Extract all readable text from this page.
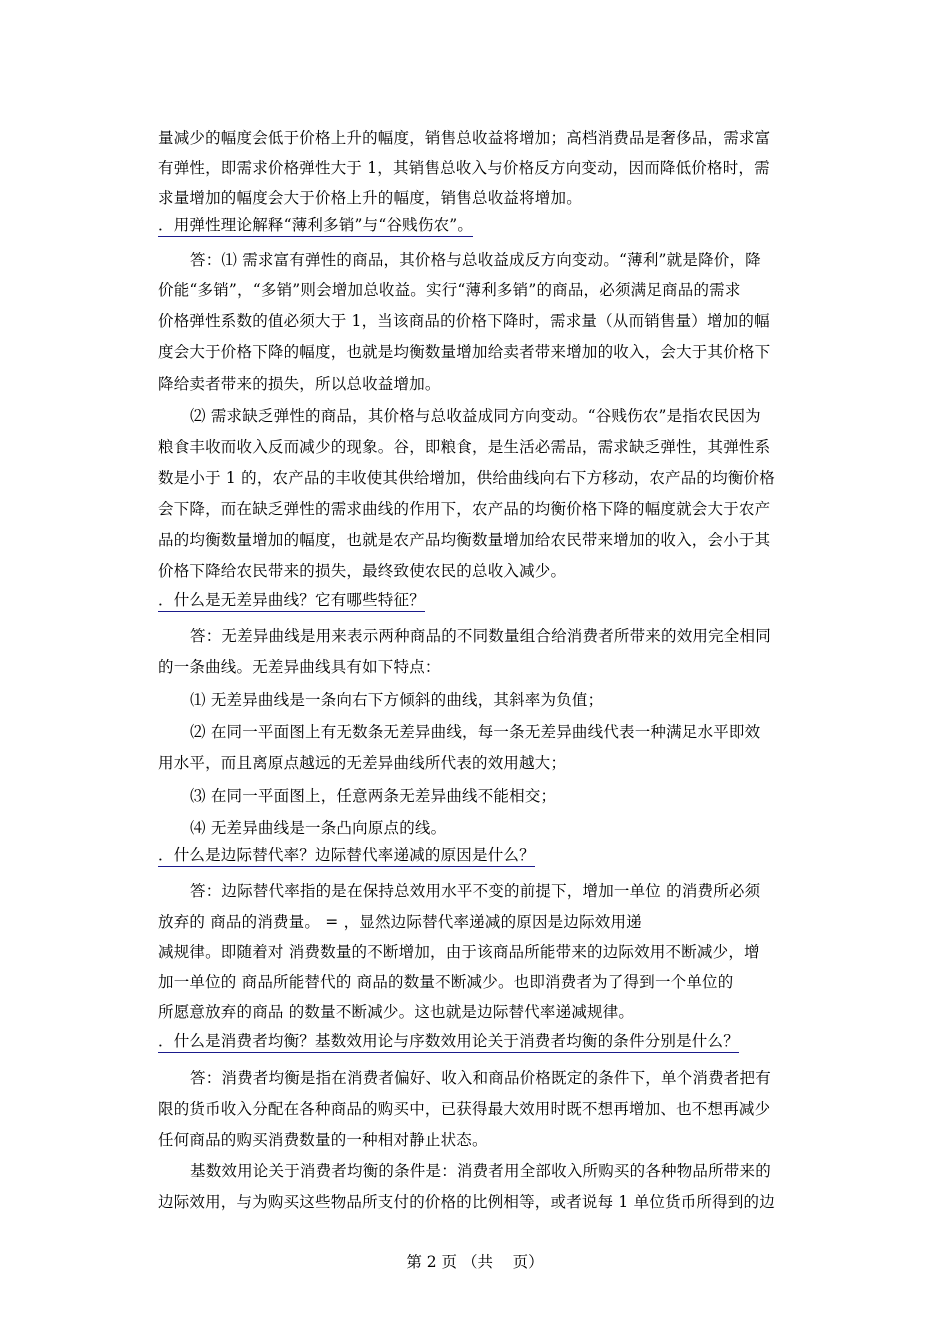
量减少的幅度会低于价格上升的幅度，销售总收益将增加；高档消费品是奢侈品，需求富
有弹性，即需求价格弹性大于 1，其销售总收入与价格反方向变动，因而降低价格时，需
求量增加的幅度会大于价格上升的幅度，销售总收益将增加。
．用弹性理论解释“薄利多销”与“谷贱伤农”。
答：⑴ 需求富有弹性的商品，其价格与总收益成反方向变动。“薄利”就是降价，降
价能“多销”，“多销”则会增加总收益。实行“薄利多销”的商品，必须满足商品的需求
价格弹性系数的值必须大于 1，当该商品的价格下降时，需求量（从而销售量）增加的幅
度会大于价格下降的幅度，也就是均衡数量增加给卖者带来增加的收入，会大于其价格下
降给卖者带来的损失，所以总收益增加。
⑵ 需求缺乏弹性的商品，其价格与总收益成同方向变动。“谷贱伤农”是指农民因为
粮食丰收而收入反而减少的现象。谷，即粮食，是生活必需品，需求缺乏弹性，其弹性系
数是小于 1 的，农产品的丰收使其供给增加，供给曲线向右下方移动，农产品的均衡价格
会下降，而在缺乏弹性的需求曲线的作用下，农产品的均衡价格下降的幅度就会大于农产
品的均衡数量增加的幅度，也就是农产品均衡数量增加给农民带来增加的收入，会小于其
价格下降给农民带来的损失，最终致使农民的总收入减少。
．什么是无差异曲线？它有哪些特征？
答：无差异曲线是用来表示两种商品的不同数量组合给消费者所带来的效用完全相同
的一条曲线。无差异曲线具有如下特点：
⑴ 无差异曲线是一条向右下方倾斜的曲线，其斜率为负值；
⑵ 在同一平面图上有无数条无差异曲线，每一条无差异曲线代表一种满足水平即效
用水平，而且离原点越远的无差异曲线所代表的效用越大；
⑶ 在同一平面图上，任意两条无差异曲线不能相交；
⑷ 无差异曲线是一条凸向原点的线。
．什么是边际替代率？边际替代率递减的原因是什么？
答：边际替代率指的是在保持总效用水平不变的前提下，增加一单位 的消费所必须
放弃的 商品的消费量。 = ，显然边际替代率递减的原因是边际效用递
减规律。即随着对 消费数量的不断增加，由于该商品所能带来的边际效用不断减少，增
加一单位的 商品所能替代的 商品的数量不断减少。也即消费者为了得到一个单位的
所愿意放弃的商品 的数量不断减少。这也就是边际替代率递减规律。
．什么是消费者均衡？基数效用论与序数效用论关于消费者均衡的条件分别是什么？
答：消费者均衡是指在消费者偏好、收入和商品价格既定的条件下，单个消费者把有
限的货币收入分配在各种商品的购买中，已获得最大效用时既不想再增加、也不想再减少
任何商品的购买消费数量的一种相对静止状态。
基数效用论关于消费者均衡的条件是：消费者用全部收入所购买的各种物品所带来的
边际效用，与为购买这些物品所支付的价格的比例相等，或者说每 1 单位货币所得到的边
第 2 页 （共    页）
